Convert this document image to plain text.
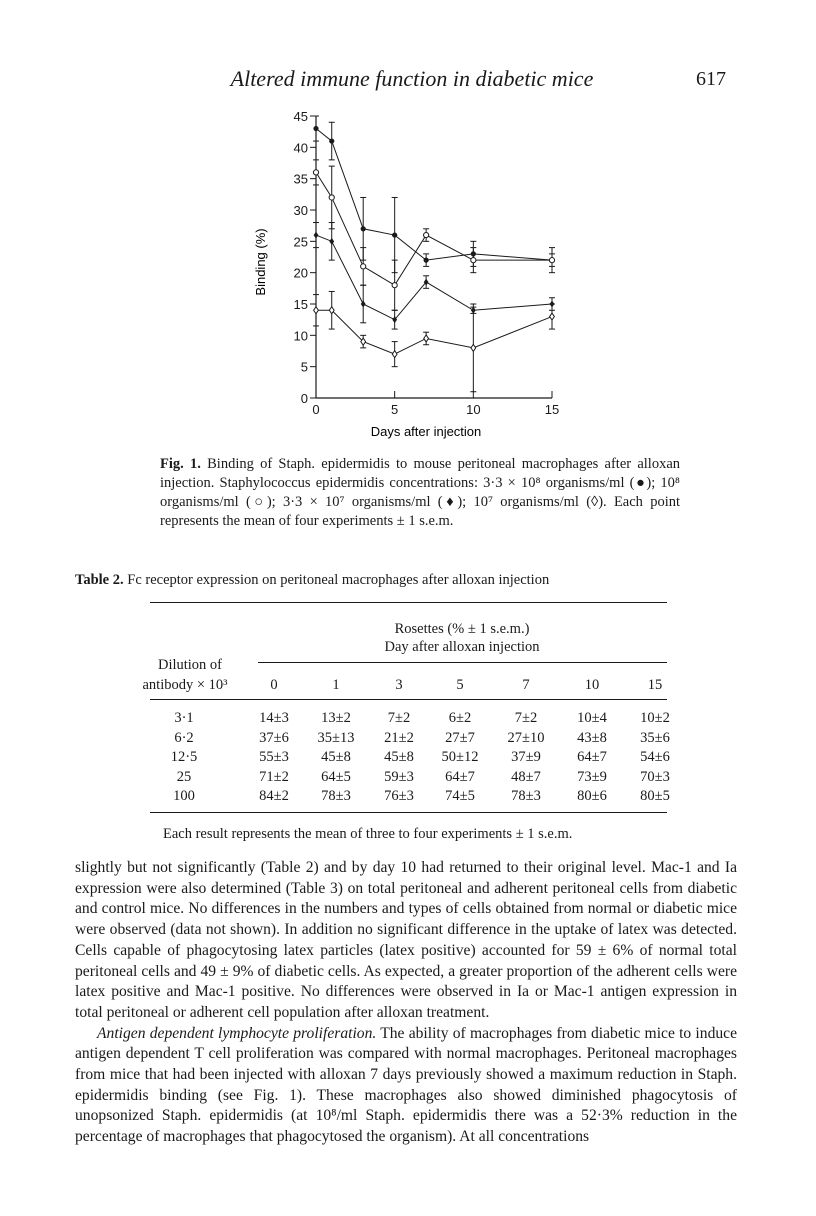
Altered immune function in diabetic mice	617
0
5
10
15
20
25
30
35
40
45
0	5	10	15
Binding (%)
Days after injection
Fig. 1. Binding of Staph. epidermidis to mouse peritoneal macrophages after alloxan injection. Staphylococcus epidermidis concentrations: 3·3 × 10⁸ organisms/ml (●); 10⁸ organisms/ml (○); 3·3 × 10⁷ organisms/ml (♦); 10⁷ organisms/ml (◊). Each point represents the mean of four experiments ± 1 s.e.m.
Table 2. Fc receptor expression on peritoneal macrophages after alloxan injection
Rosettes (% ± 1 s.e.m.)
Day after alloxan injection
Dilution of
antibody × 10³	0	1	3	5	7	10	15
3·1	14±3 13±2	7±2	6±2	7±2	10±4 10±2
6·2	37±6 35±13 21±2 27±7 27±10 43±8 35±6
12·5	55±3 45±8 45±8 50±12 37±9	64±7 54±6
25	71±2 64±5 59±3 64±7	48±7	73±9 70±3
100	84±2 78±3 76±3 74±5	78±3	80±6 80±5
Each result represents the mean of three to four experiments ± 1 s.e.m.

slightly but not significantly (Table 2) and by day 10 had returned to their original level. Mac-1 and Ia expression were also determined (Table 3) on total peritoneal and adherent peritoneal cells from diabetic and control mice. No differences in the numbers and types of cells obtained from normal or diabetic mice were observed (data not shown). In addition no significant difference in the uptake of latex was detected. Cells capable of phagocytosing latex particles (latex positive) accounted for 59 ± 6% of normal total peritoneal cells and 49 ± 9% of diabetic cells. As expected, a greater proportion of the adherent cells were latex positive and Mac-1 positive. No differences were observed in Ia or Mac-1 antigen expression in total peritoneal or adherent cell population after alloxan treatment.

Antigen dependent lymphocyte proliferation. The ability of macrophages from diabetic mice to induce antigen dependent T cell proliferation was compared with normal macrophages. Peritoneal macrophages from mice that had been injected with alloxan 7 days previously showed a maximum reduction in Staph. epidermidis binding (see Fig. 1). These macrophages also showed diminished phagocytosis of unopsonized Staph. epidermidis (at 10⁸/ml Staph. epidermidis there was a 52·3% reduction in the percentage of macrophages that phagocytosed the organism). At all concentrations
